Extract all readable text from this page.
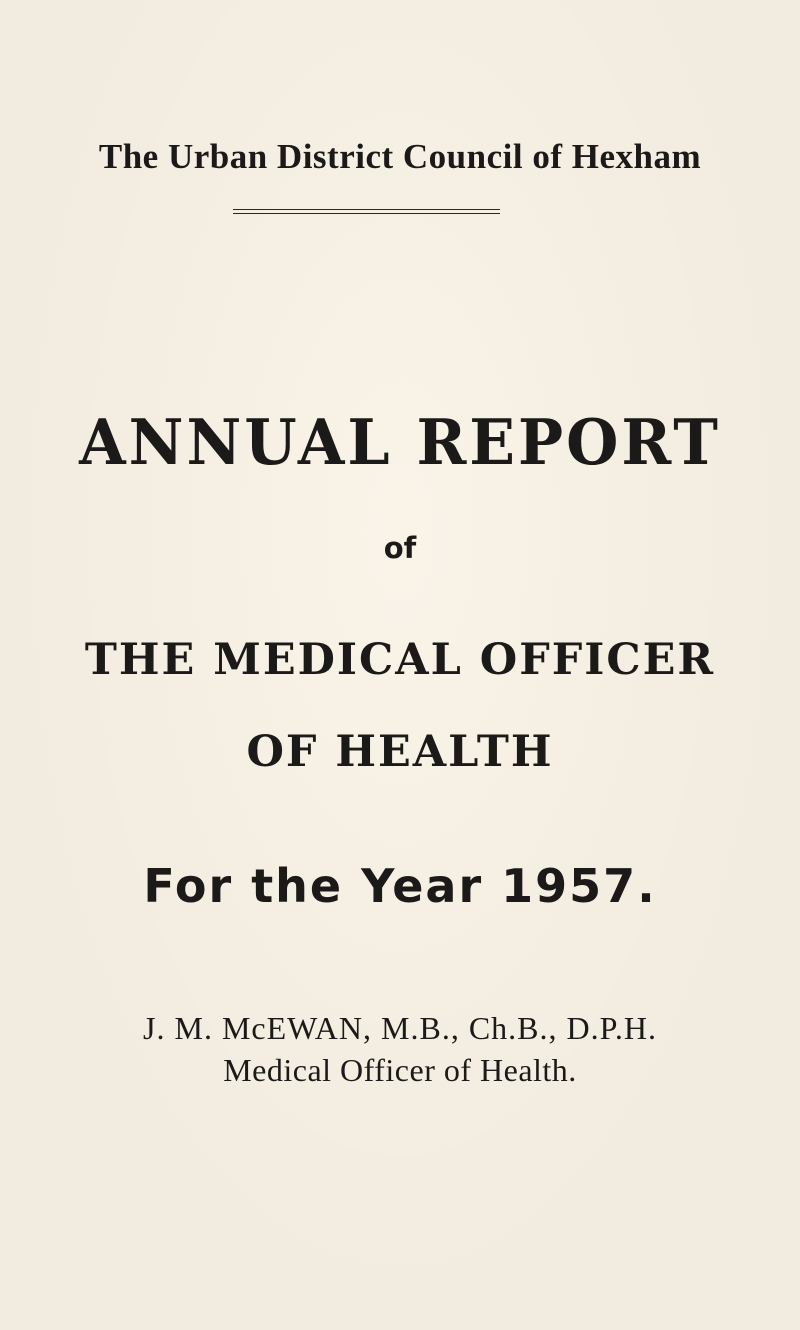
The Urban District Council of Hexham
ANNUAL REPORT

of

THE MEDICAL OFFICER

OF HEALTH

For the Year 1957.

J. M. McEWAN, M.B., Ch.B., D.P.H.

Medical Officer of Health.
